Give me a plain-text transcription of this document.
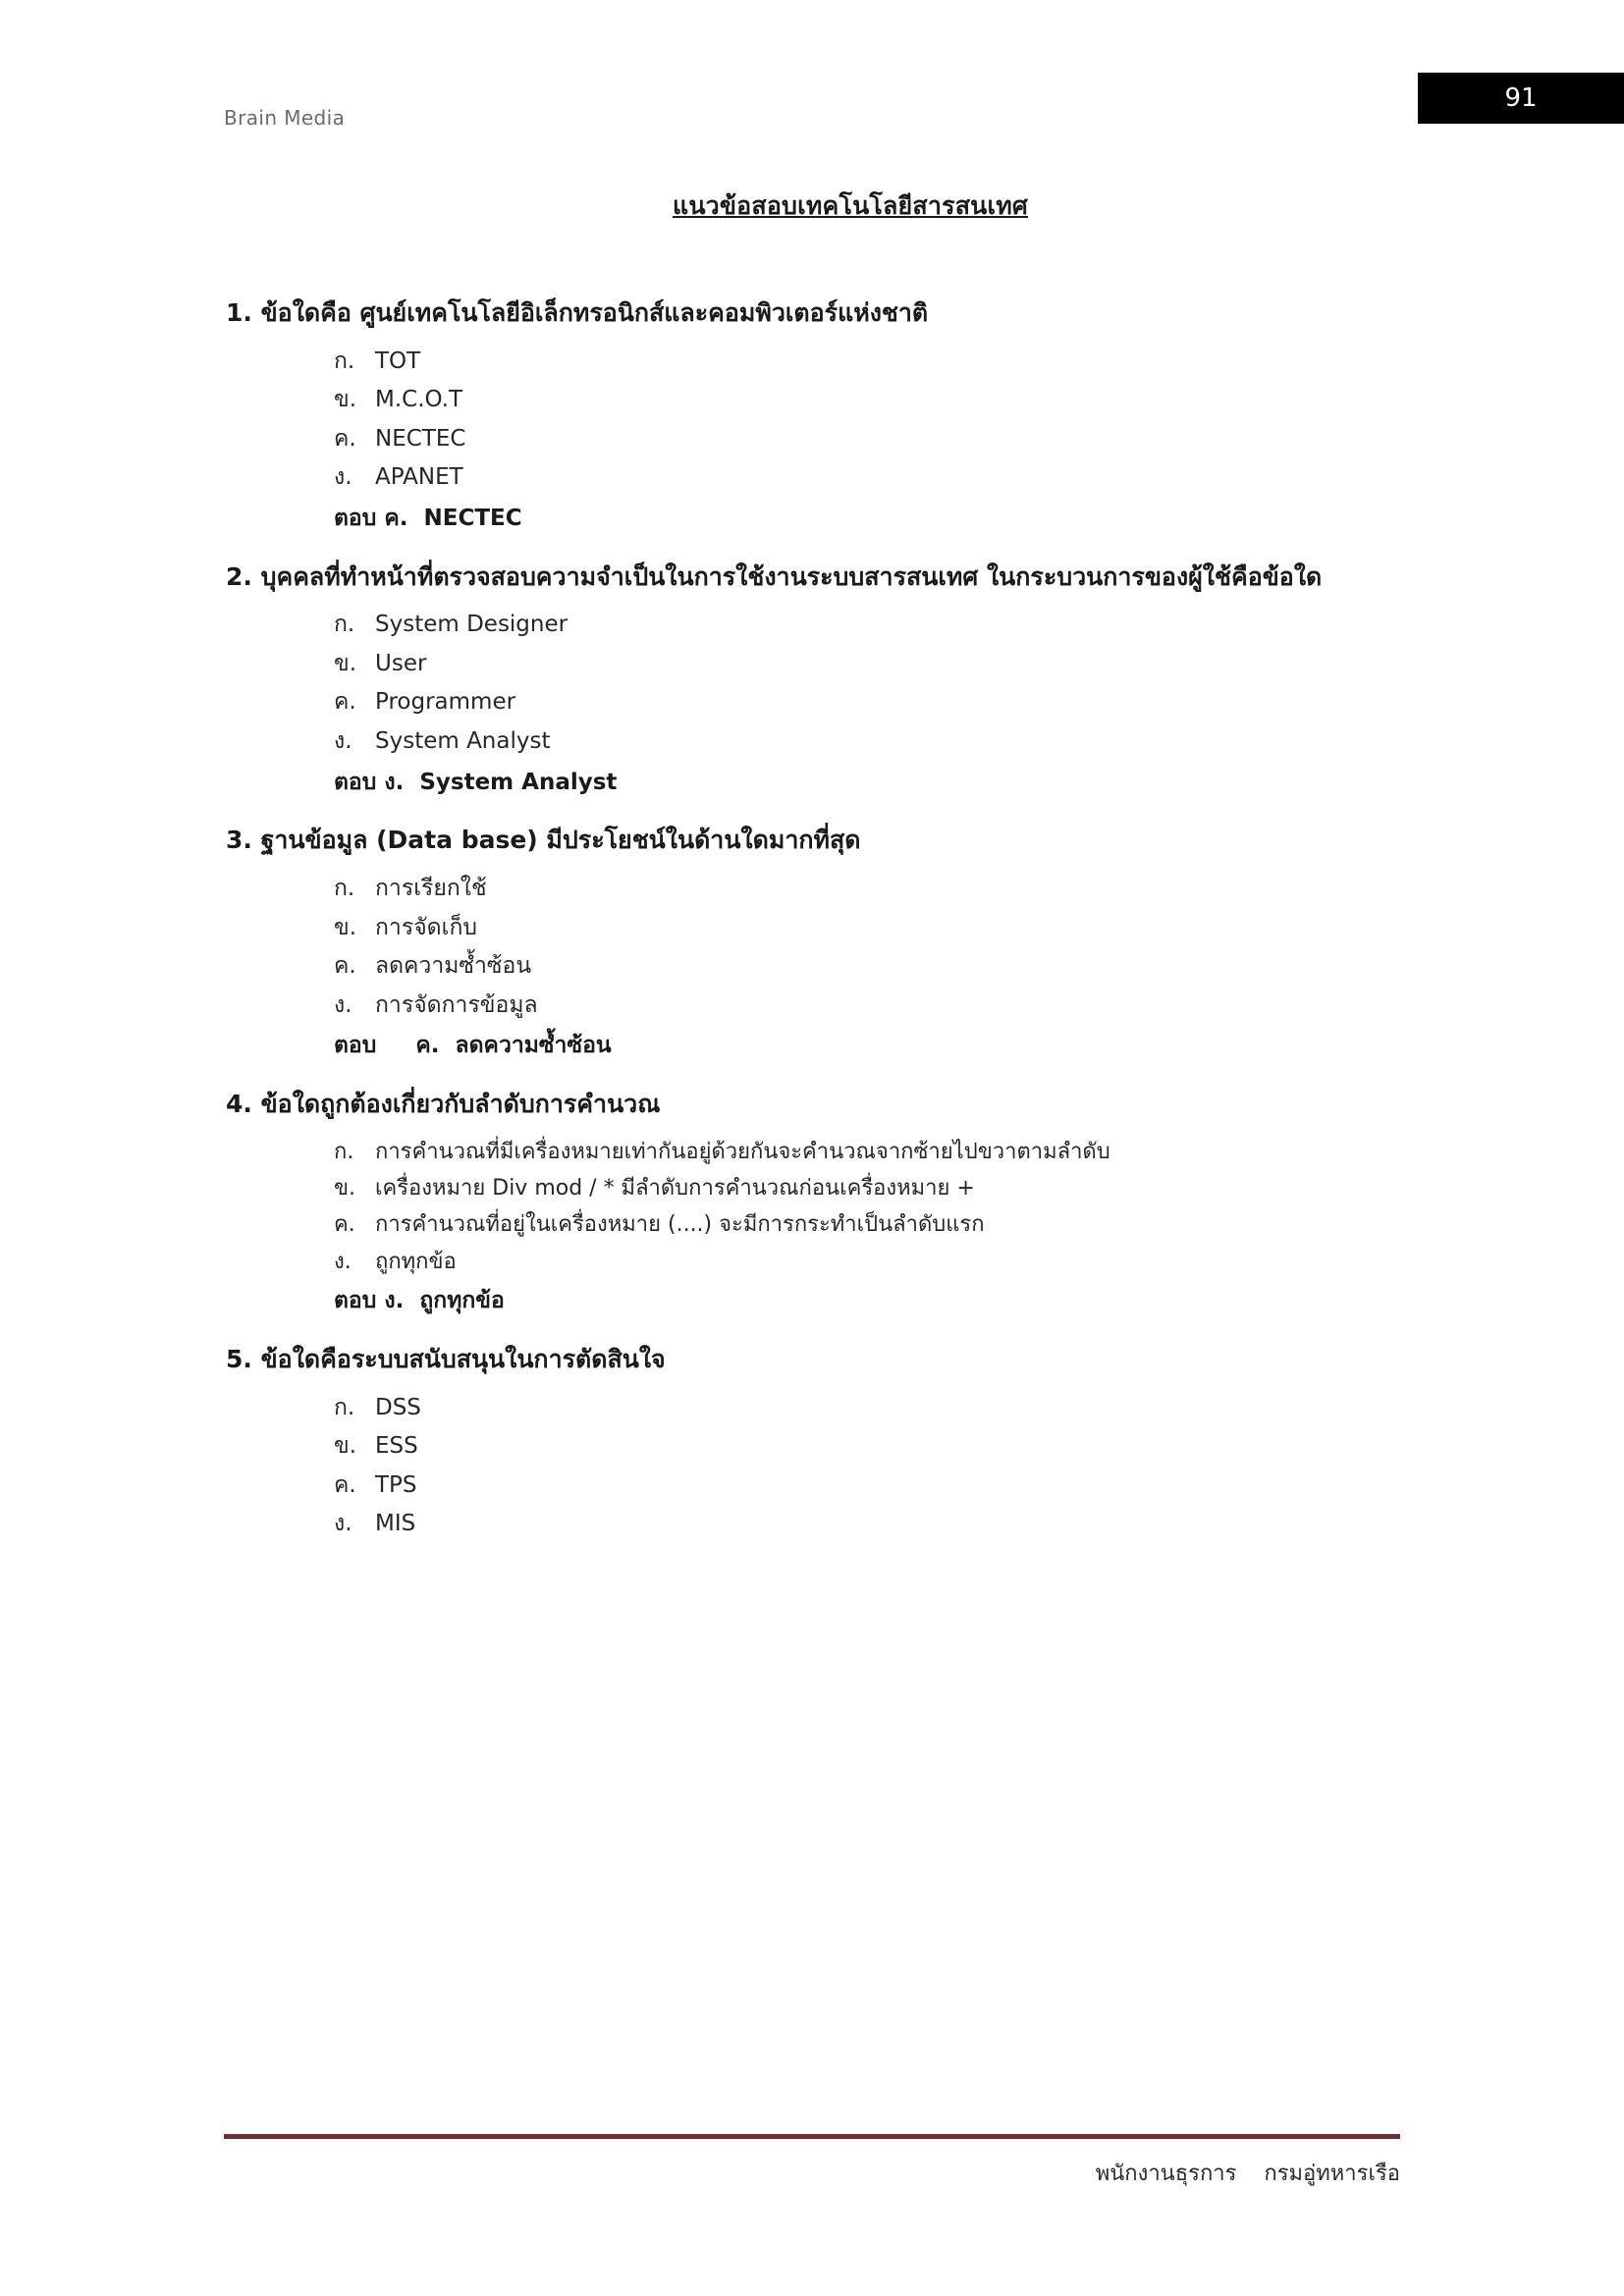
Brain Media
91
แนวข้อสอบเทคโนโลยีสารสนเทศ
1. ข้อใดคือ ศูนย์เทคโนโลยีอิเล็กทรอนิกส์และคอมพิวเตอร์แห่งชาติ
ก. TOT
ข. M.C.O.T
ค. NECTEC
ง.	APANET
ตอบ ค.  NECTEC
2. บุคคลที่ทำหน้าที่ตรวจสอบความจำเป็นในการใช้งานระบบสารสนเทศ ในกระบวนการของผู้ใช้คือข้อใด
ก. System Designer
ข. User
ค. Programmer
ง.	System Analyst
ตอบ ง.  System Analyst
3. ฐานข้อมูล (Data base) มีประโยชน์ในด้านใดมากที่สุด
ก. การเรียกใช้
ข. การจัดเก็บ
ค. ลดความซ้ำซ้อน
ง.	การจัดการข้อมูล
ตอบ     ค.  ลดความซ้ำซ้อน
4. ข้อใดถูกต้องเกี่ยวกับลำดับการคำนวณ
ก. การคำนวณที่มีเครื่องหมายเท่ากันอยู่ด้วยกันจะคำนวณจากซ้ายไปขวาตามลำดับ
ข. เครื่องหมาย Div mod / * มีลำดับการคำนวณก่อนเครื่องหมาย +
ค. การคำนวณที่อยู่ในเครื่องหมาย (....) จะมีการกระทำเป็นลำดับแรก
ง.	ถูกทุกข้อ
ตอบ ง.  ถูกทุกข้อ
5. ข้อใดคือระบบสนับสนุนในการตัดสินใจ
ก. DSS
ข. ESS
ค. TPS
ง.	MIS
พนักงานธุรการ    กรมอู่ทหารเรือ
